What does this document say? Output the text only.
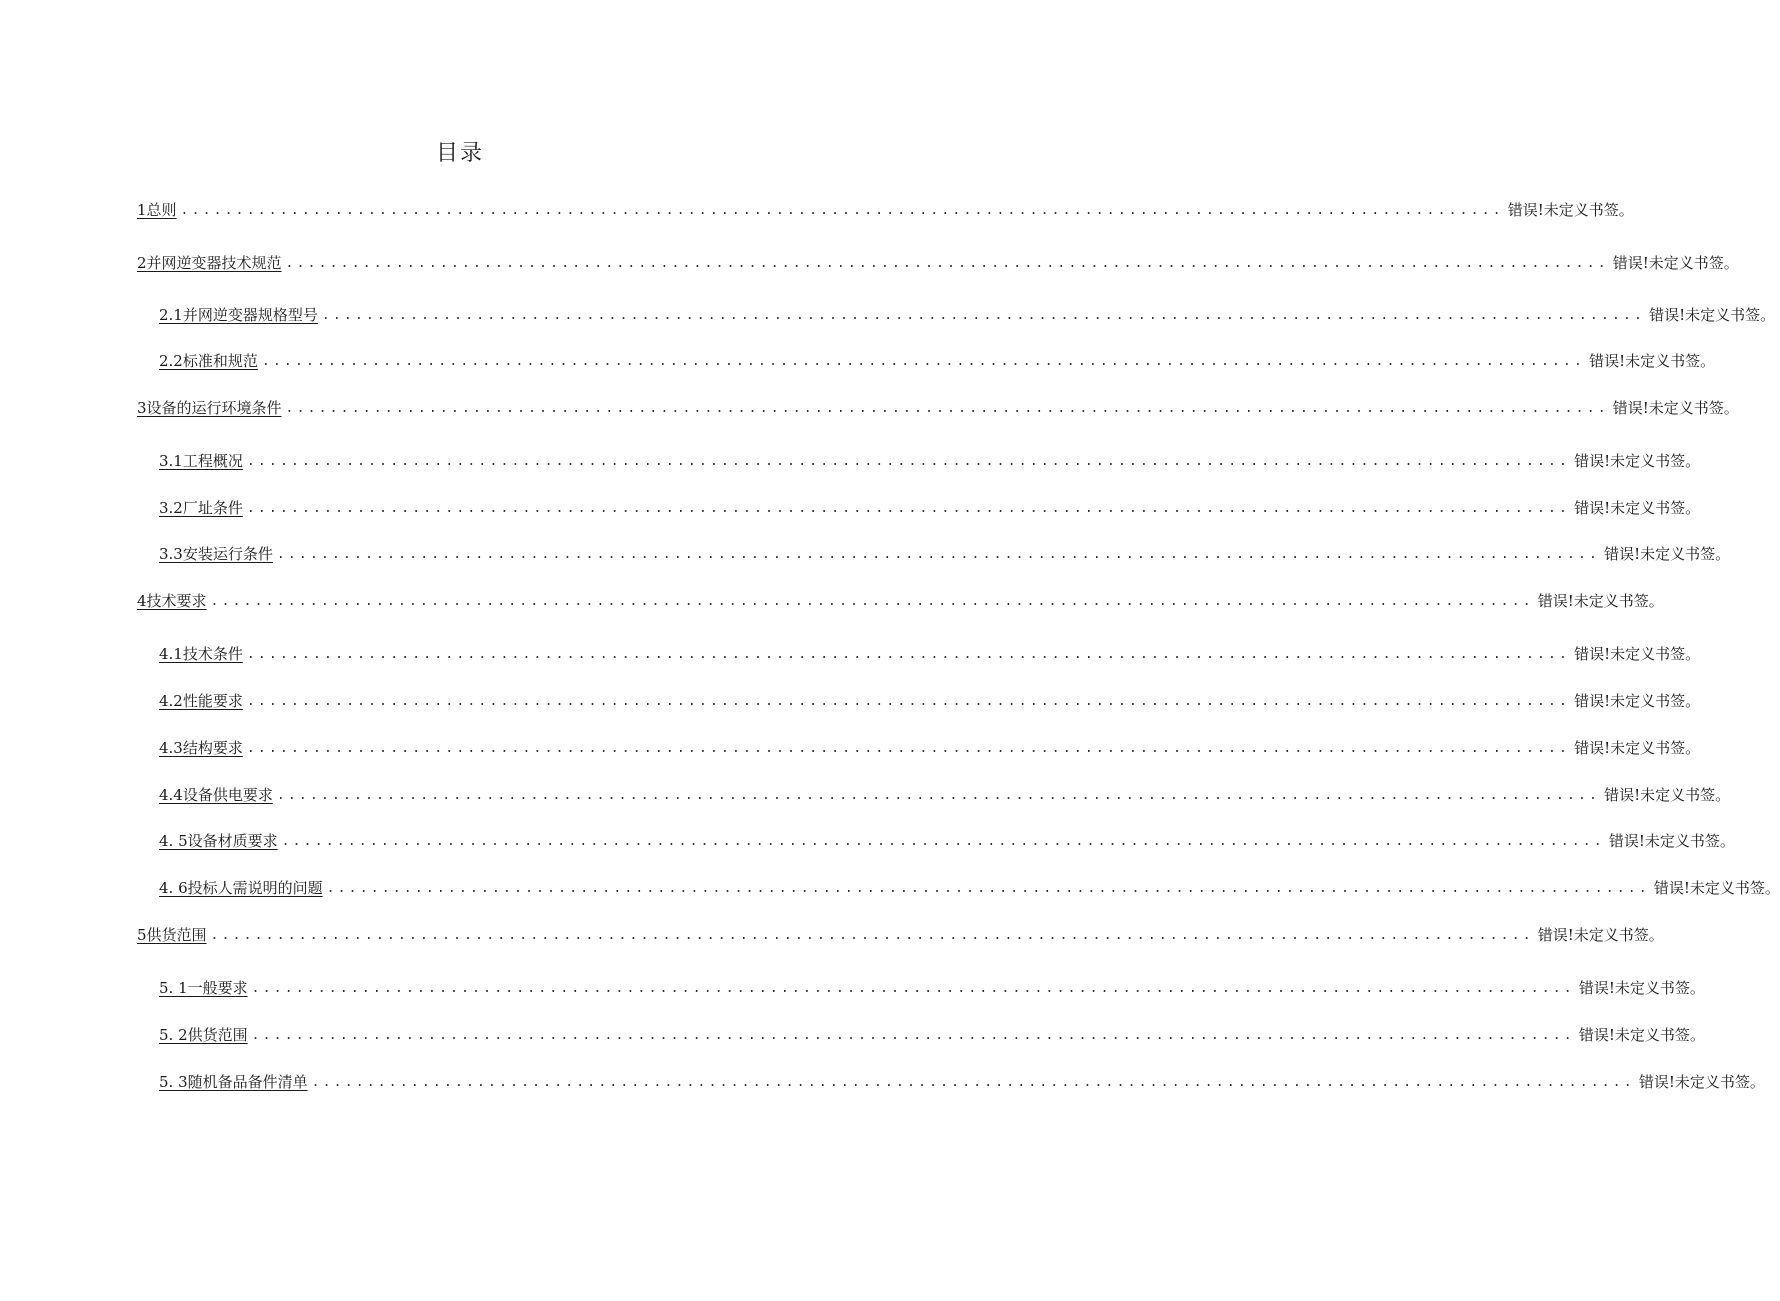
目录
1总则 ........................................................................................................................ 错误!未定义书签。
2并网逆变器技术规范 ........................................................................................................................ 错误!未定义书签。
2.1并网逆变器规格型号 ........................................................................................................................ 错误!未定义书签。
2.2标准和规范 ........................................................................................................................ 错误!未定义书签。
3设备的运行环境条件 ........................................................................................................................ 错误!未定义书签。
3.1工程概况 ........................................................................................................................ 错误!未定义书签。
3.2厂址条件 ........................................................................................................................ 错误!未定义书签。
3.3安装运行条件 ........................................................................................................................ 错误!未定义书签。
4技术要求 ........................................................................................................................ 错误!未定义书签。
4.1技术条件 ........................................................................................................................ 错误!未定义书签。
4.2性能要求 ........................................................................................................................ 错误!未定义书签。
4.3结构要求 ........................................................................................................................ 错误!未定义书签。
4.4设备供电要求 ........................................................................................................................ 错误!未定义书签。
4. 5设备材质要求 ........................................................................................................................ 错误!未定义书签。
4. 6投标人需说明的问题 ........................................................................................................................ 错误!未定义书签。
5供货范围 ........................................................................................................................ 错误!未定义书签。
5. 1一般要求 ........................................................................................................................ 错误!未定义书签。
5. 2供货范围 ........................................................................................................................ 错误!未定义书签。
5. 3随机备品备件清单 ........................................................................................................................ 错误!未定义书签。
